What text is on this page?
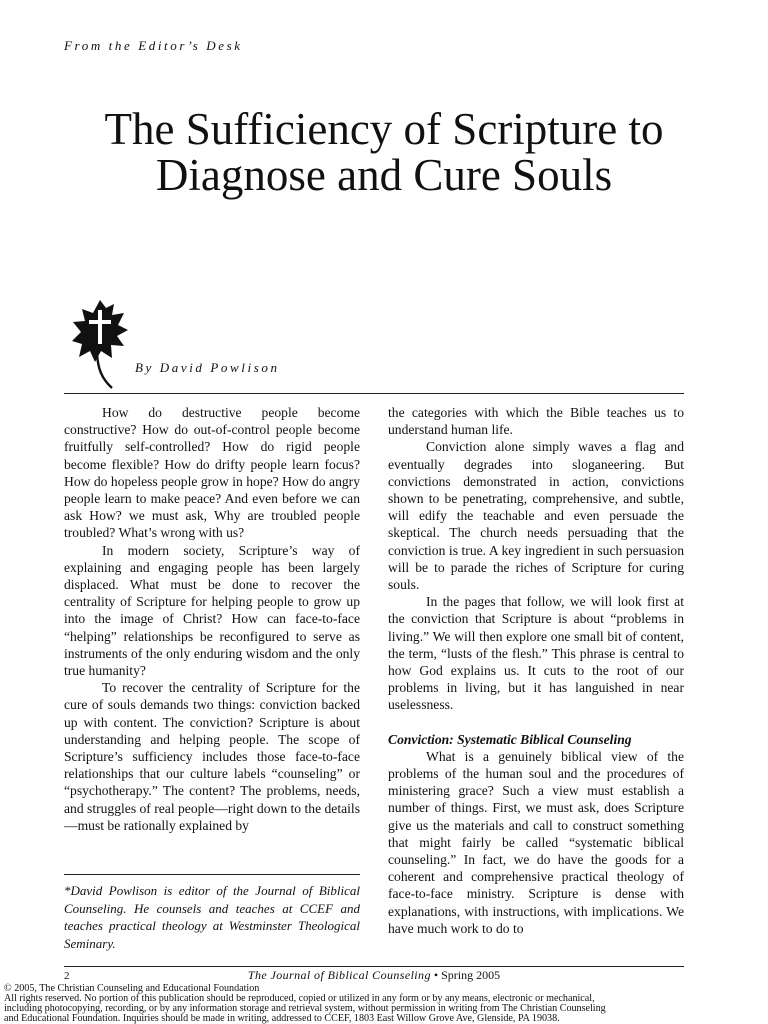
From the Editor’s Desk
The Sufficiency of Scripture to Diagnose and Cure Souls
By David Powlison

How do destructive people become constructive? How do out-of-control people become fruitfully self-controlled? How do rigid people become flexible? How do drifty people learn focus? How do hopeless people grow in hope? How do angry people learn to make peace? And even before we can ask How? we must ask, Why are troubled people troubled? What’s wrong with us?

In modern society, Scripture’s way of explaining and engaging people has been largely displaced. What must be done to recover the centrality of Scripture for helping people to grow up into the image of Christ? How can face-to-face “helping” relationships be reconfigured to serve as instruments of the only enduring wisdom and the only true humanity?

To recover the centrality of Scripture for the cure of souls demands two things: conviction backed up with content. The conviction? Scripture is about understanding and helping people. The scope of Scripture’s sufficiency includes those face-to-face relationships that our culture labels “counseling” or “psychotherapy.” The content? The problems, needs, and struggles of real people—right down to the details—must be rationally explained by

*David Powlison is editor of the Journal of Biblical Counseling. He counsels and teaches at CCEF and teaches practical theology at Westminster Theological Seminary.

the categories with which the Bible teaches us to understand human life.

Conviction alone simply waves a flag and eventually degrades into sloganeering. But convictions demonstrated in action, convictions shown to be penetrating, comprehensive, and subtle, will edify the teachable and even persuade the skeptical. The church needs persuading that the conviction is true. A key ingredient in such persuasion will be to parade the riches of Scripture for curing souls.

In the pages that follow, we will look first at the conviction that Scripture is about “problems in living.” We will then explore one small bit of content, the term, “lusts of the flesh.” This phrase is central to how God explains us. It cuts to the root of our problems in living, but it has languished in near uselessness.

Conviction: Systematic Biblical Counseling

What is a genuinely biblical view of the problems of the human soul and the procedures of ministering grace? Such a view must establish a number of things. First, we must ask, does Scripture give us the materials and call to construct something that might fairly be called “systematic biblical counseling.” In fact, we do have the goods for a coherent and comprehensive practical theology of face-to-face ministry. Scripture is dense with explanations, with instructions, with implications. We have much work to do to

2	The Journal of Biblical Counseling • Spring 2005
© 2005, The Christian Counseling and Educational Foundation
All rights reserved. No portion of this publication should be reproduced, copied or utilized in any form or by any means, electronic or mechanical,
including photocopying, recording, or by any information storage and retrieval system, without permission in writing from The Christian Counseling
and Educational Foundation. Inquiries should be made in writing, addressed to CCEF, 1803 East Willow Grove Ave, Glenside, PA 19038.
